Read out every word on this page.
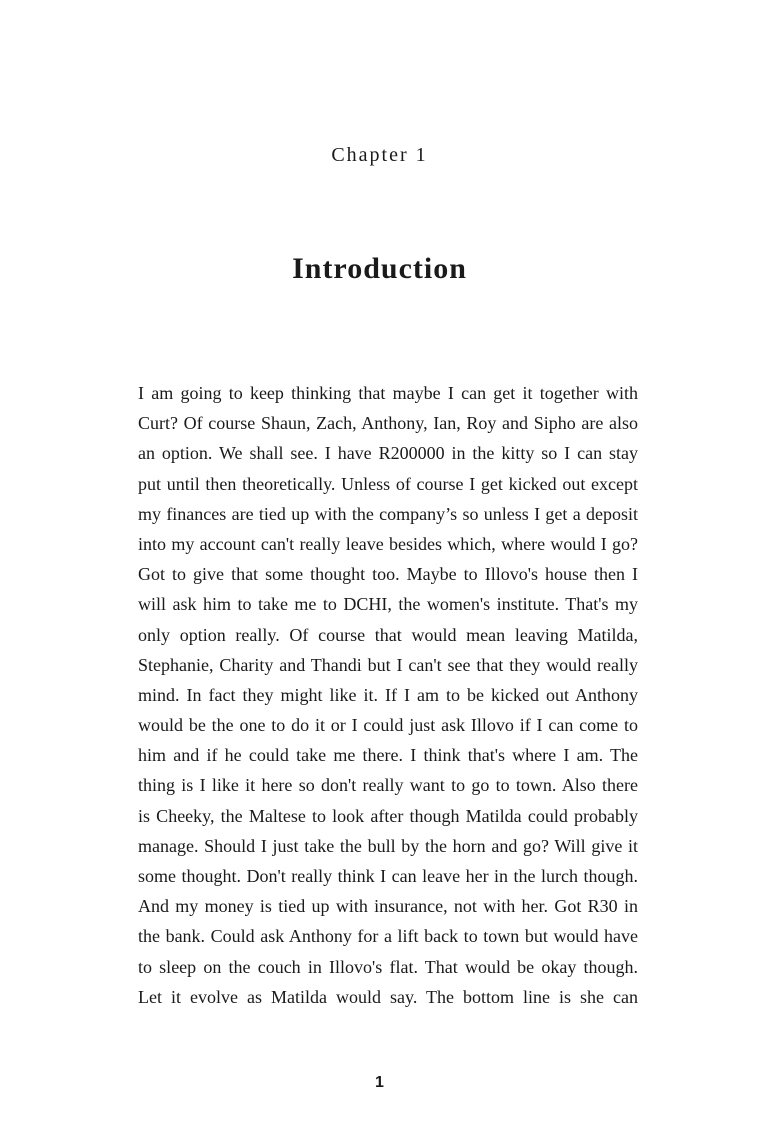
Chapter 1
Introduction
I am going to keep thinking that maybe I can get it together with
Curt? Of course Shaun, Zach, Anthony, Ian, Roy and Sipho are also
an option. We shall see. I have R200000 in the kitty so I can stay
put until then theoretically. Unless of course I get kicked out except
my finances are tied up with the company’s so unless I get a deposit
into my account can't really leave besides which, where would I go?
Got to give that some thought too. Maybe to Illovo's house then I
will ask him to take me to DCHI, the women's institute. That's my
only option really. Of course that would mean leaving Matilda,
Stephanie, Charity and Thandi but I can't see that they would really
mind. In fact they might like it. If I am to be kicked out Anthony
would be the one to do it or I could just ask Illovo if I can come to
him and if he could take me there. I think that's where I am. The
thing is I like it here so don't really want to go to town. Also there
is Cheeky, the Maltese to look after though Matilda could probably
manage. Should I just take the bull by the horn and go? Will give it
some thought. Don't really think I can leave her in the lurch though.
And my money is tied up with insurance, not with her. Got R30 in
the bank. Could ask Anthony for a lift back to town but would have
to sleep on the couch in Illovo's flat. That would be okay though.
Let it evolve as Matilda would say. The bottom line is she can
1
